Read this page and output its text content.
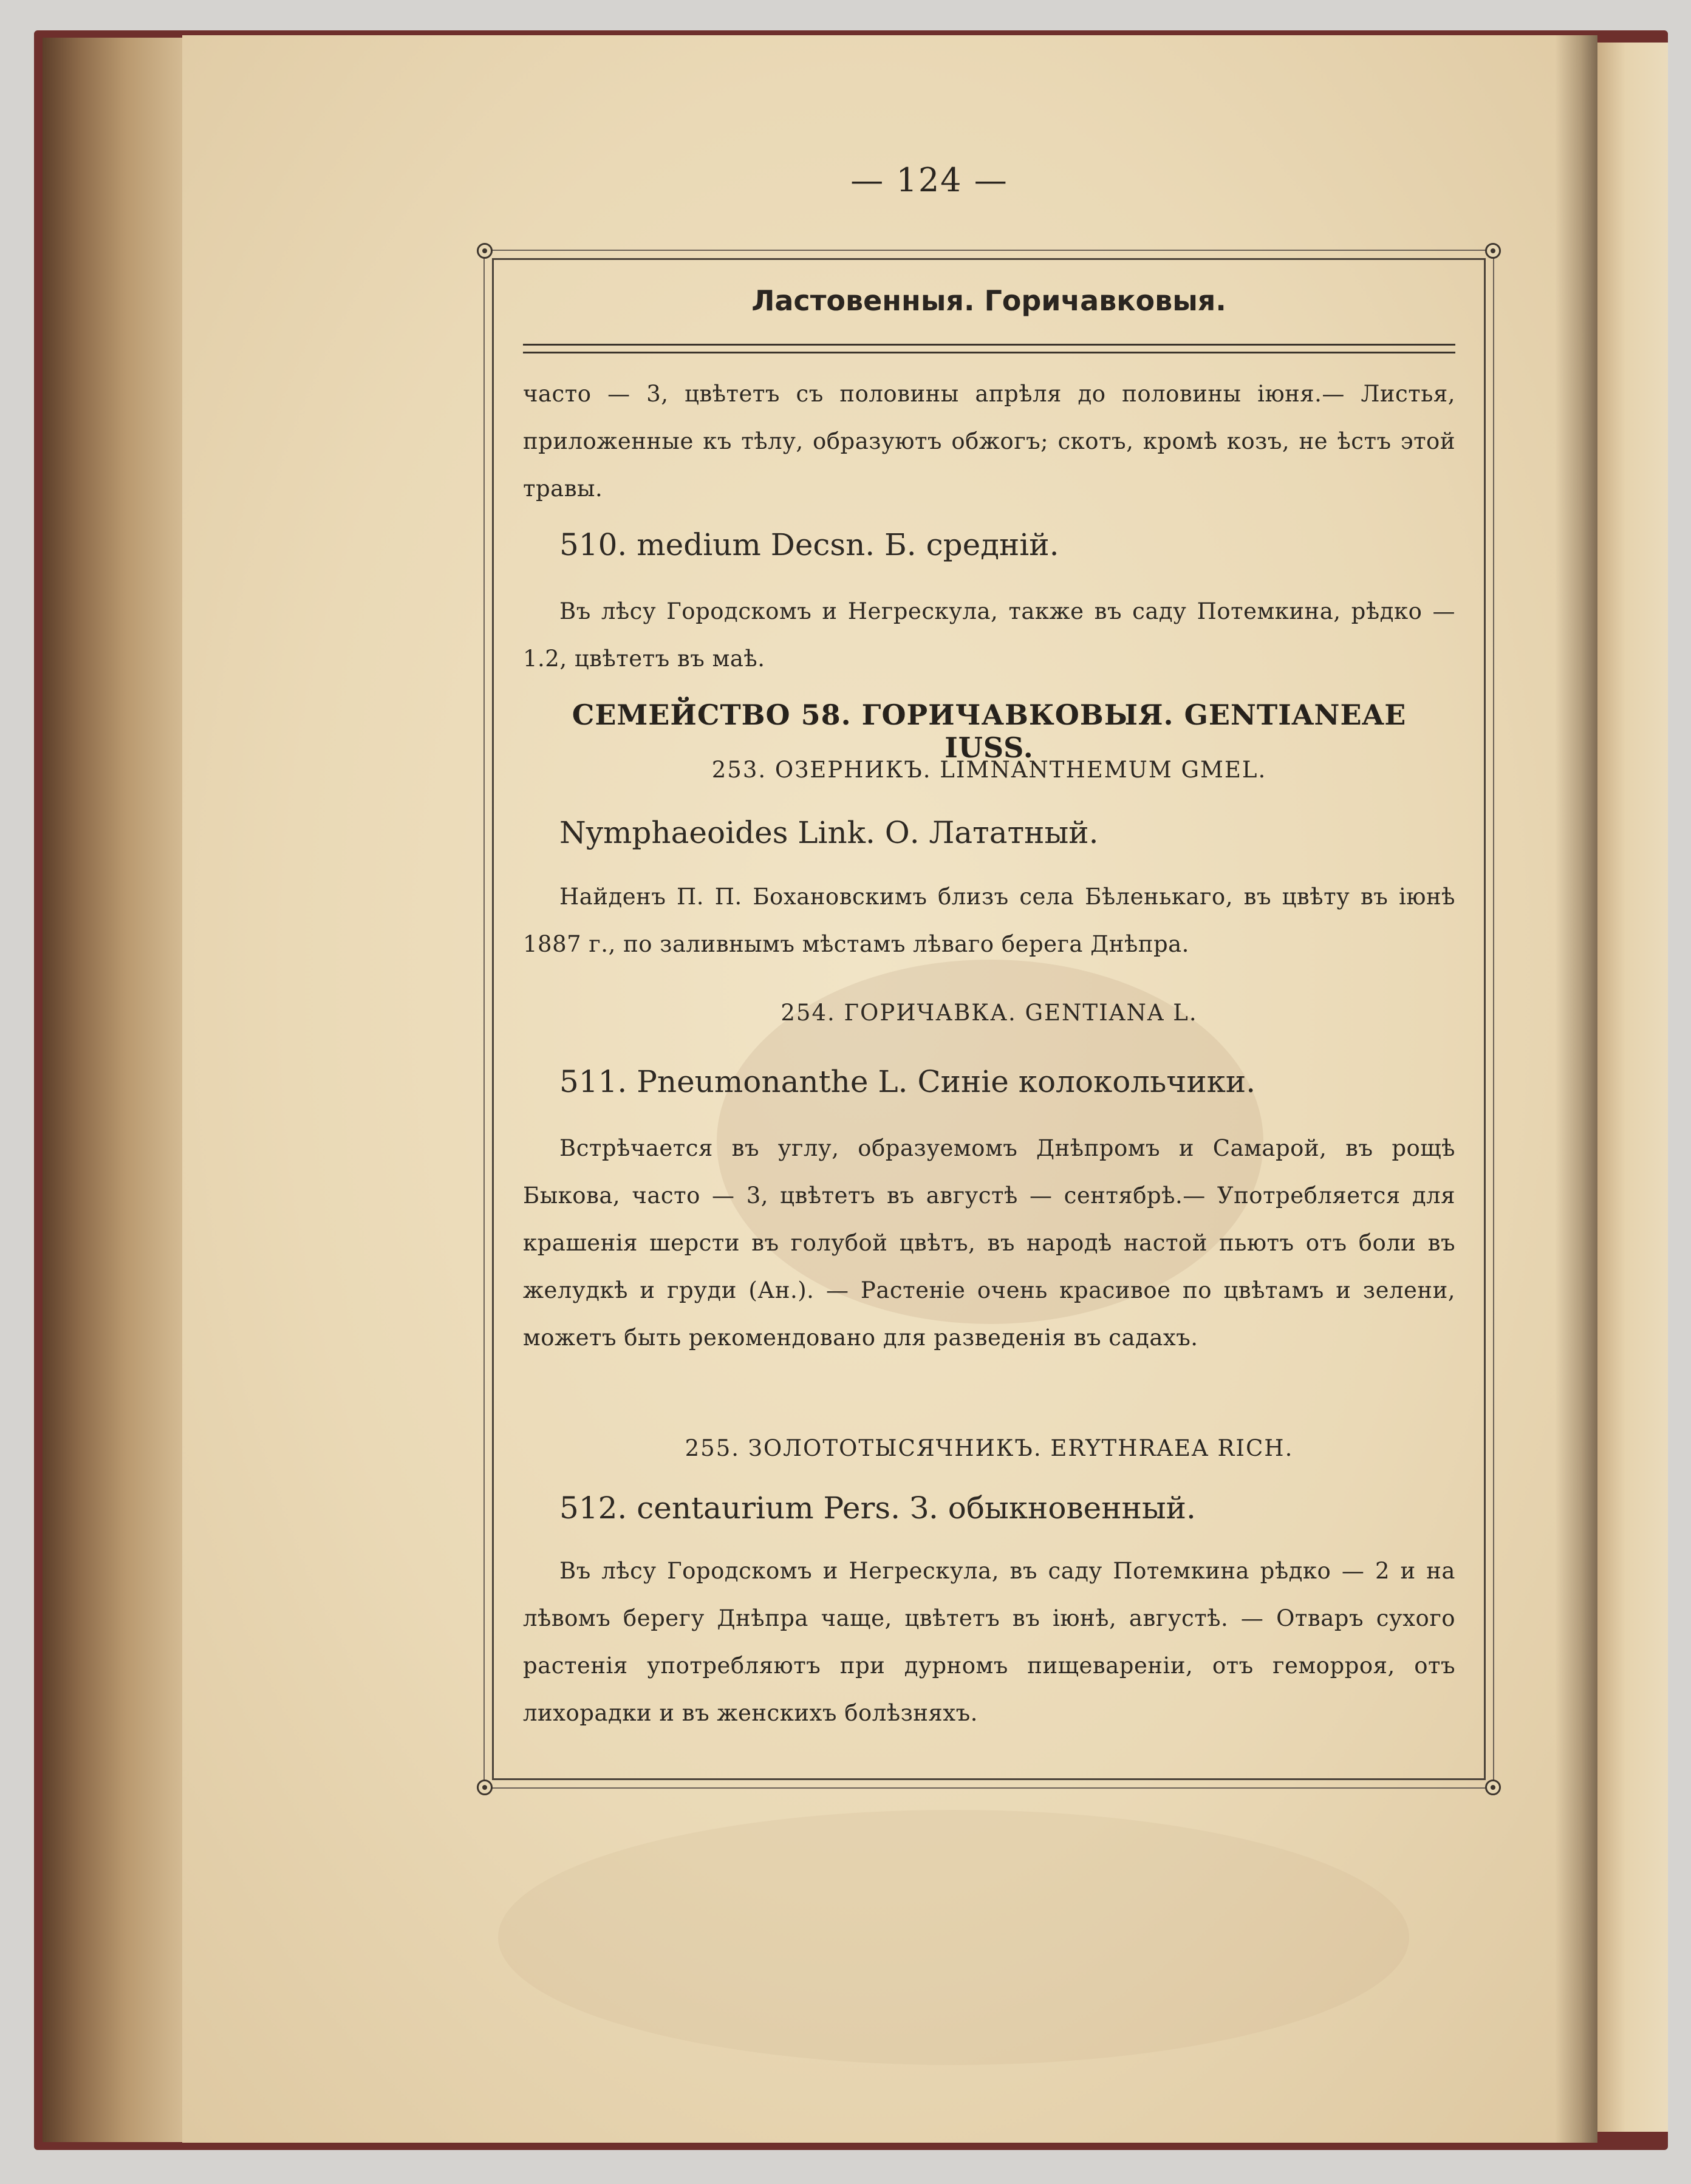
— 124 —
Ластовенныя. Горичавковыя.
часто — 3, цвѣтетъ съ половины апрѣля до половины іюня.— Листья, приложенные къ тѣлу, образуютъ обжогъ; скотъ, кромѣ козъ, не ѣстъ этой травы.
510. medium Decsn. Б. среднiй.
Въ лѣсу Городскомъ и Негрескула, также въ саду Потемкина, рѣдко — 1.2, цвѣтетъ въ маѣ.
СЕМЕЙСТВО 58. ГОРИЧАВКОВЫЯ. GENTIANEAE IUSS.
253. ОЗЕРНИКЪ. LIMNANTHEMUM GMEL.
Nymphaeoides Link. О. Лататный.
Найденъ П. П. Бохановскимъ близъ села Бѣленькаго, въ цвѣту въ іюнѣ 1887 г., по заливнымъ мѣстамъ лѣваго берега Днѣпра.
254. ГОРИЧАВКА. GENTIANA L.
511. Pneumonanthe L. Синiе колокольчики.
Встрѣчается въ углу, образуемомъ Днѣпромъ и Самарой, въ рощѣ Быкова, часто — 3, цвѣтетъ въ августѣ — сентябрѣ.— Употребляется для крашенія шерсти въ голубой цвѣтъ, въ народѣ настой пьютъ отъ боли въ желудкѣ и груди (Ан.). — Растеніе очень красивое по цвѣтамъ и зелени, можетъ быть рекомендовано для разведенія въ садахъ.
255. ЗОЛОТОТЫСЯЧНИКЪ. ERYTHRAEA RICH.
512. centaurium Pers. З. обыкновенный.
Въ лѣсу Городскомъ и Негрескула, въ саду Потемкина рѣдко — 2 и на лѣвомъ берегу Днѣпра чаще, цвѣтетъ въ іюнѣ, августѣ. — Отваръ сухого растенія употребляютъ при дурномъ пищевареніи, отъ геморроя, отъ лихорадки и въ женскихъ болѣзняхъ.
